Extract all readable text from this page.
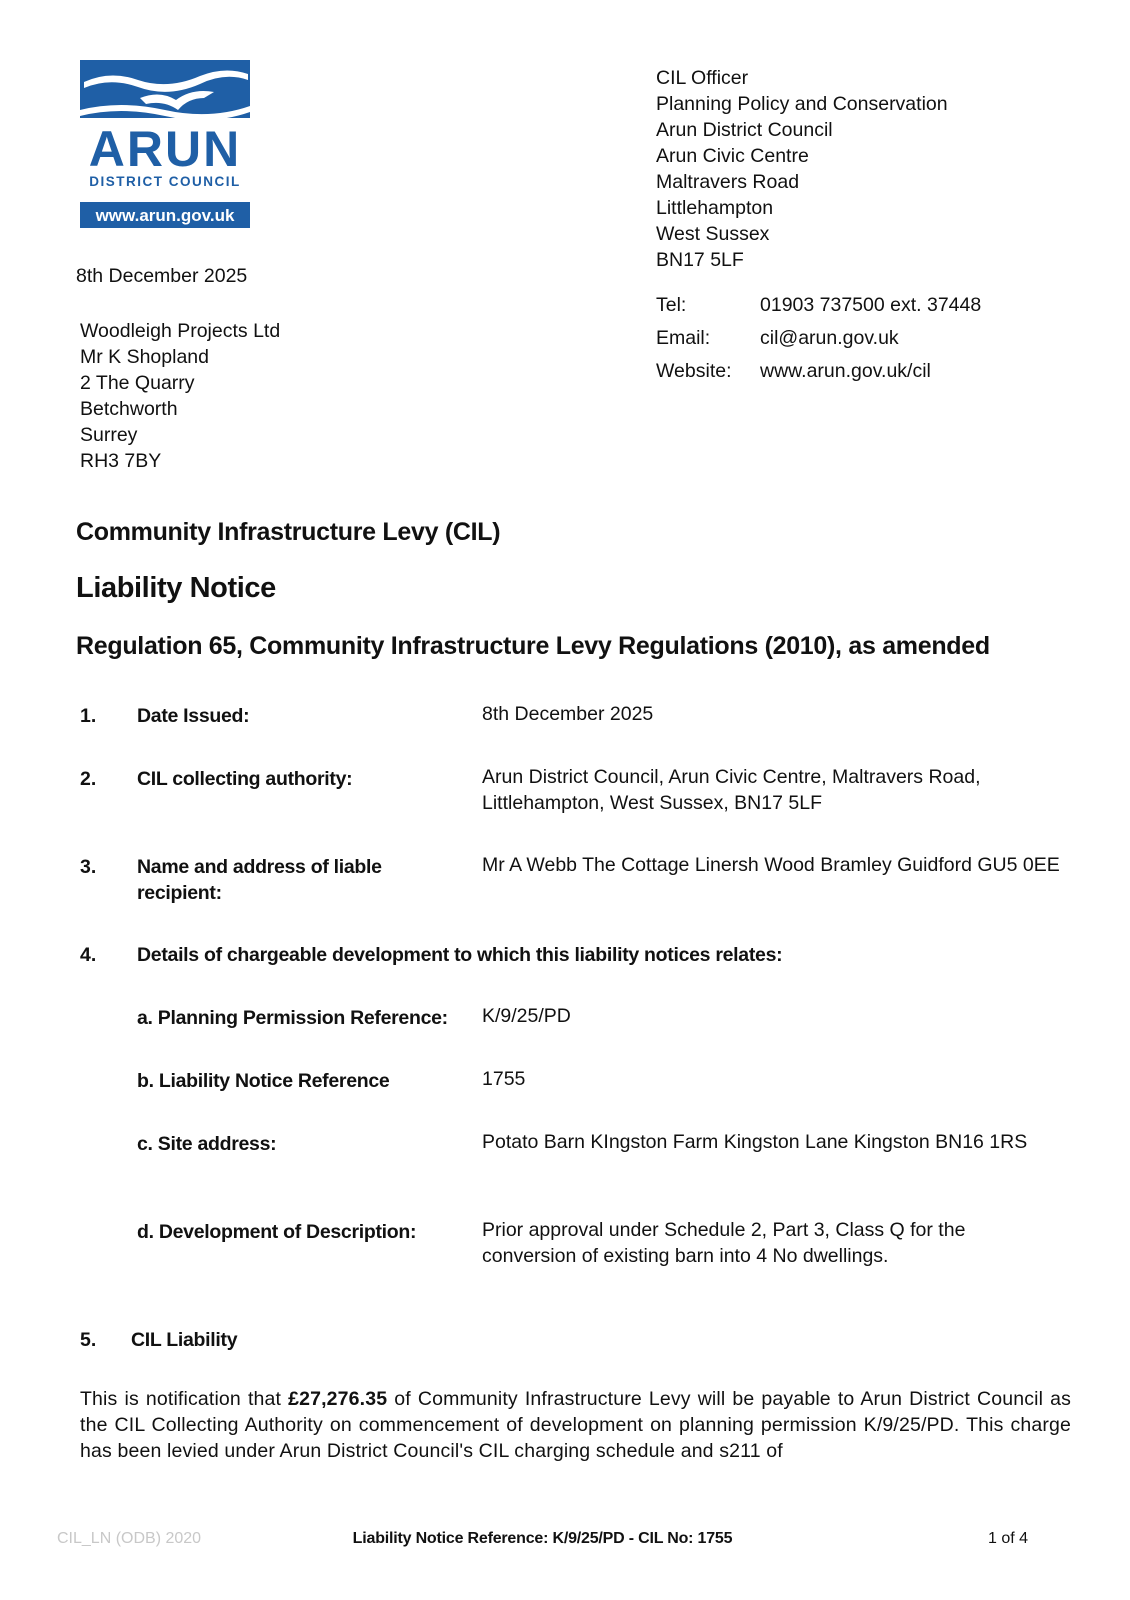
ARUN
DISTRICT COUNCIL
www.arun.gov.uk
CIL Officer
Planning Policy and Conservation
Arun District Council
Arun Civic Centre
Maltravers Road
Littlehampton
West Sussex
BN17 5LF
Tel:	01903 737500 ext. 37448
Email:	cil@arun.gov.uk
Website: www.arun.gov.uk/cil
8th December 2025
Woodleigh Projects Ltd
Mr K Shopland
2 The Quarry
Betchworth
Surrey
RH3 7BY
Community Infrastructure Levy (CIL)
Liability Notice
Regulation 65, Community Infrastructure Levy Regulations (2010), as amended
1. Date Issued:	8th December 2025
2. CIL collecting authority:	Arun District Council, Arun Civic Centre, Maltravers Road, Littlehampton, West Sussex, BN17 5LF
3. Name and address of liable recipient:
Mr A Webb The Cottage Linersh Wood Bramley Guidford GU5 0EE
4. Details of chargeable development to which this liability notices relates:
a. Planning Permission Reference: K/9/25/PD
b. Liability Notice Reference	1755
c. Site address:	Potato Barn KIngston Farm Kingston Lane Kingston BN16 1RS
d. Development of Description:	Prior approval under Schedule 2, Part 3, Class Q for the conversion of existing barn into 4 No dwellings.
5. CIL Liability
This is notification that £27,276.35 of Community Infrastructure Levy will be payable to Arun District Council as the CIL Collecting Authority on commencement of development on planning permission K/9/25/PD. This charge has been levied under Arun District Council's CIL charging schedule and s211 of
CIL_LN (ODB) 2020	Liability Notice Reference: K/9/25/PD - CIL No: 1755	1 of 4
